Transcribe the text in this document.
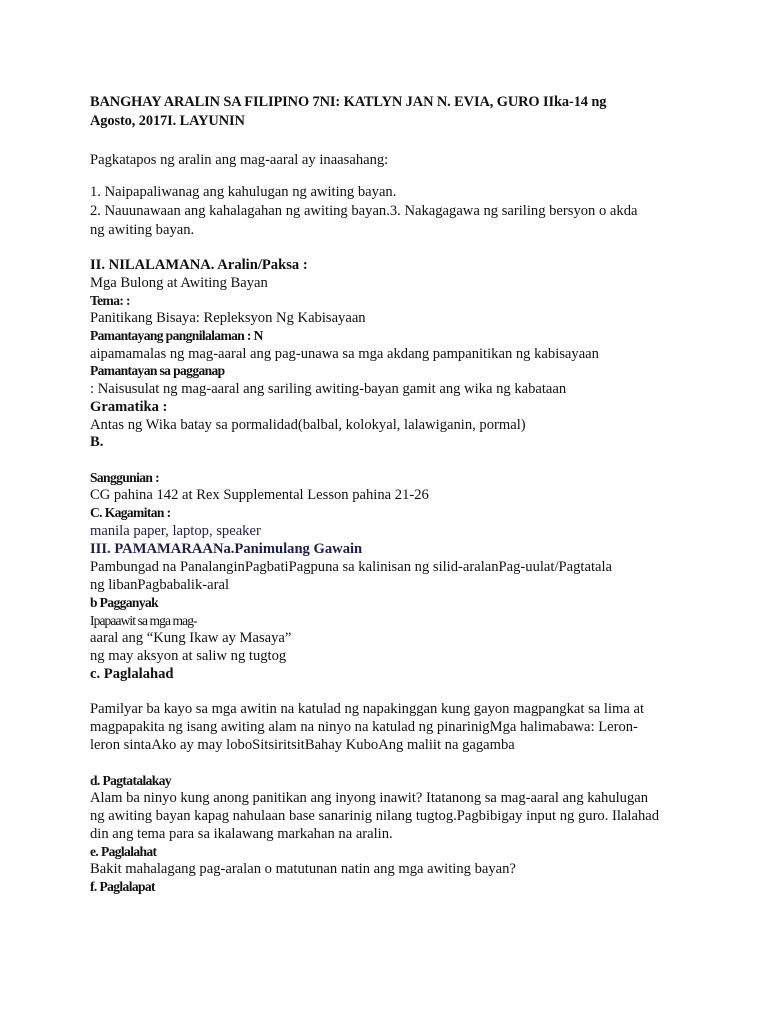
BANGHAY ARALIN SA FILIPINO 7NI: KATLYN JAN N. EVIA, GURO IIka-14 ng
Agosto, 2017I. LAYUNIN
Pagkatapos ng aralin ang mag-aaral ay inaasahang:
1. Naipapaliwanag ang kahulugan ng awiting bayan.
2. Nauunawaan ang kahalagahan ng awiting bayan.3. Nakagagawa ng sariling bersyon o akda
ng awiting bayan.
II. NILALAMANA. Aralin/Paksa :
Mga Bulong at Awiting Bayan
Tema: :
Panitikang Bisaya: Repleksyon Ng Kabisayaan
Pamantayang pangnilalaman : N
aipamamalas ng mag-aaral ang pag-unawa sa mga akdang pampanitikan ng kabisayaan
Pamantayan sa pagganap
: Naisusulat ng mag-aaral ang sariling awiting-bayan gamit ang wika ng kabataan
Gramatika :
Antas ng Wika batay sa pormalidad(balbal, kolokyal, lalawiganin, pormal)
B.
Sanggunian :
CG pahina 142 at Rex Supplemental Lesson pahina 21-26
C. Kagamitan :
manila paper, laptop, speaker
III. PAMAMARAANa.Panimulang Gawain
Pambungad na PanalanginPagbatiPagpuna sa kalinisan ng silid-aralanPag-uulat/Pagtatala
ng libanPagbabalik-aral
b Pagganyak
Ipapaawit sa mga mag-
aaral ang “Kung Ikaw ay Masaya”
ng may aksyon at saliw ng tugtog
c. Paglalahad
Pamilyar ba kayo sa mga awitin na katulad ng napakinggan kung gayon magpangkat sa lima at
magpapakita ng isang awiting alam na ninyo na katulad ng pinarinigMga halimabawa: Leron-
leron sintaAko ay may loboSitsiritsitBahay KuboAng maliit na gagamba
d. Pagtatalakay
Alam ba ninyo kung anong panitikan ang inyong inawit? Itatanong sa mag-aaral ang kahulugan
ng awiting bayan kapag nahulaan base sanarinig nilang tugtog.Pagbibigay input ng guro. Ilalahad
din ang tema para sa ikalawang markahan na aralin.
e. Paglalahat
Bakit mahalagang pag-aralan o matutunan natin ang mga awiting bayan?
f. Paglalapat
